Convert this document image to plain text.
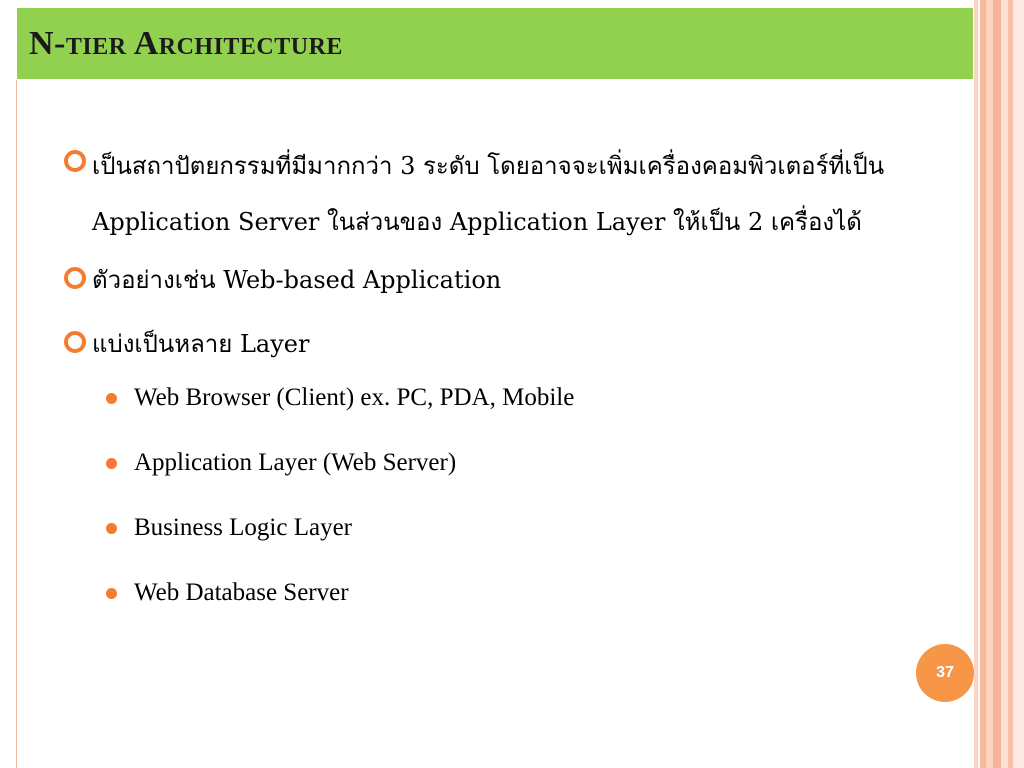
N-tier Architecture
เป็นสถาปัตยกรรมที่มีมากกว่า 3 ระดับ โดยอาจจะเพิ่มเครื่องคอมพิวเตอร์ที่เป็น Application Server ในส่วนของ Application Layer ให้เป็น 2 เครื่องได้
ตัวอย่างเช่น Web-based Application
แบ่งเป็นหลาย Layer
Web Browser (Client) ex. PC, PDA, Mobile
Application Layer (Web Server)
Business Logic Layer
Web Database Server
37
